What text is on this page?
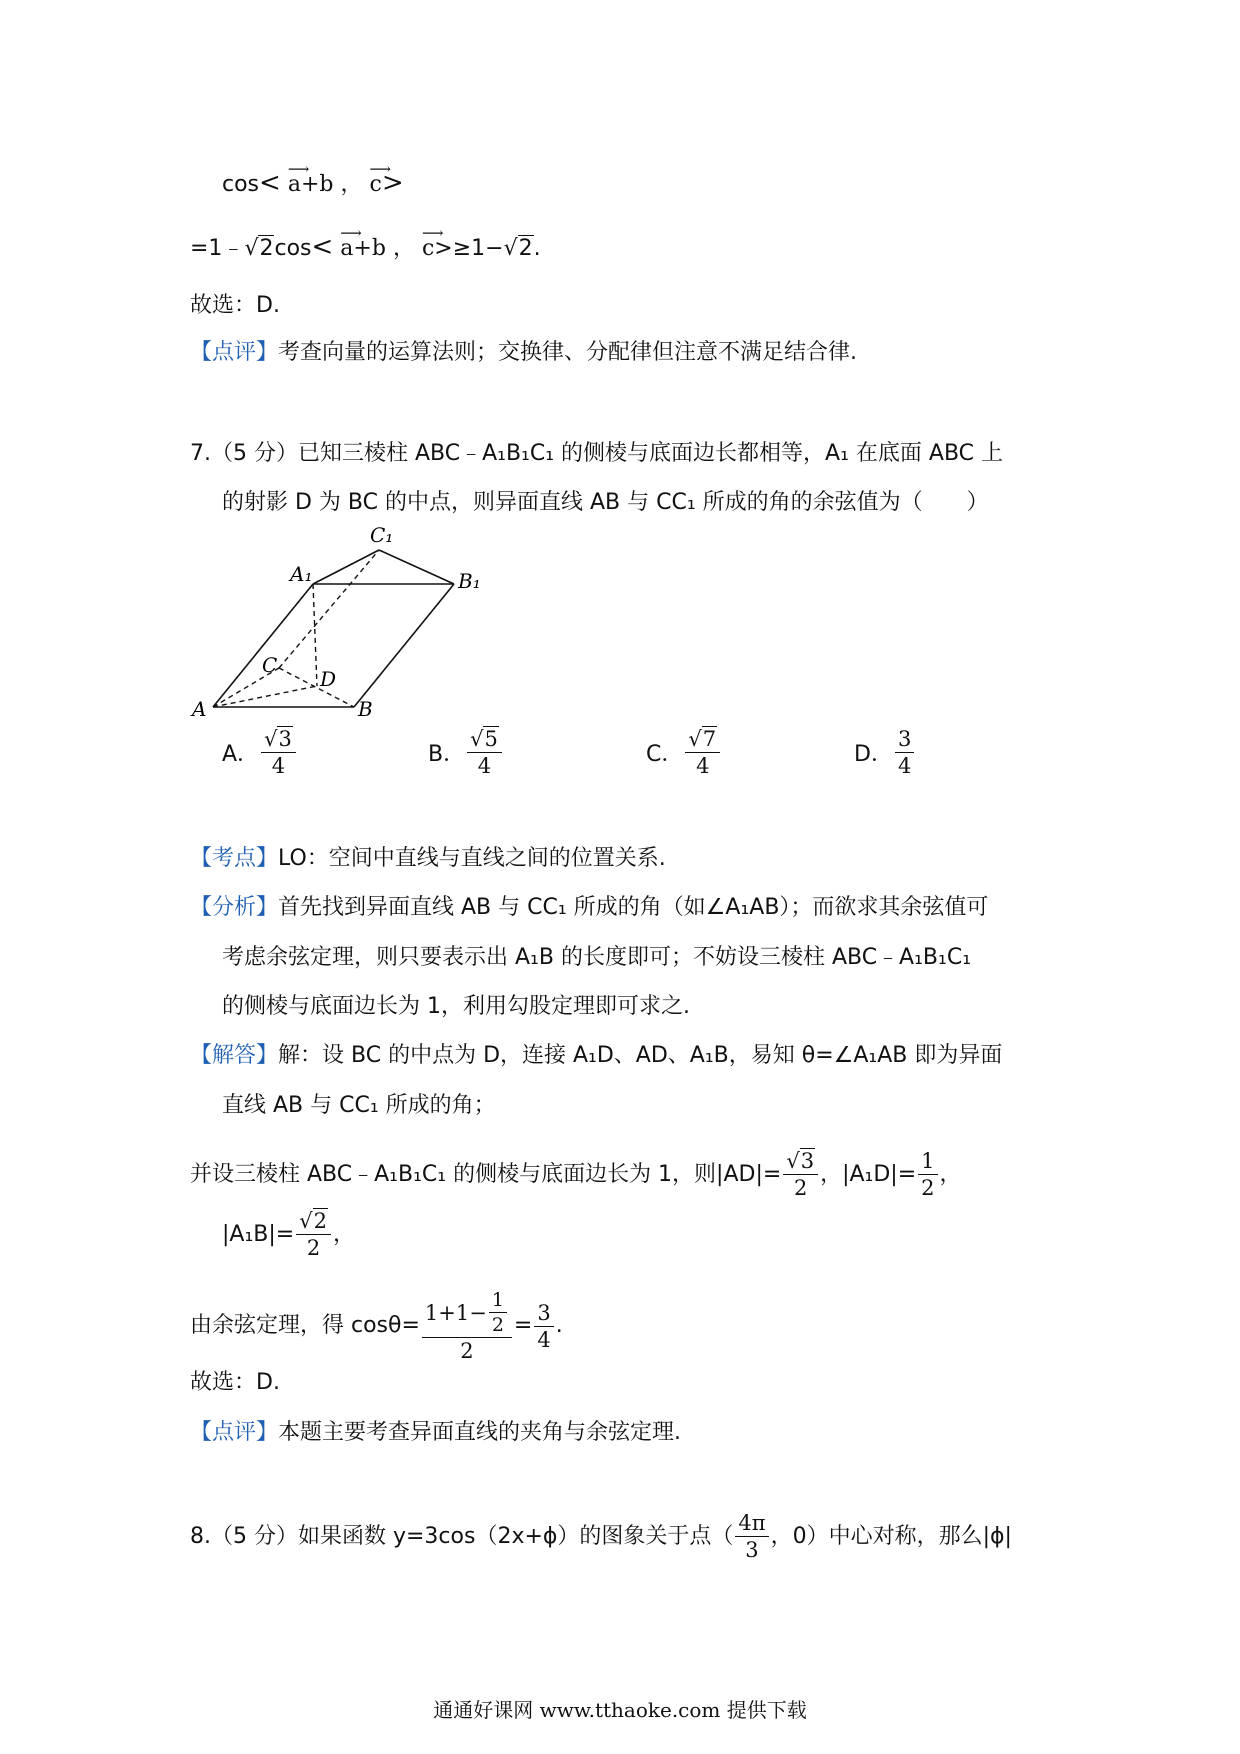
cos< ⟶ a+b ， ⟶ c>
=1﹣√2cos< ⟶ a+b ， ⟶ c>≥1−√2.
故选：D.
【点评】考查向量的运算法则；交换律、分配律但注意不满足结合律.
7.（5 分）已知三棱柱 ABC﹣A₁B₁C₁ 的侧棱与底面边长都相等，A₁ 在底面 ABC 上
的射影 D 为 BC 的中点，则异面直线 AB 与 CC₁ 所成的角的余弦值为（　　）
C₁
A₁	B₁
C
D
A	B
A． $\frac{√3}{4}$	B． $\frac{√5}{4}$	C． $\frac{√7}{4}$	D． $\frac{3}{4}$
【考点】LO：空间中直线与直线之间的位置关系.
【分析】首先找到异面直线 AB 与 CC₁ 所成的角（如∠A₁AB）；而欲求其余弦值可
考虑余弦定理，则只要表示出 A₁B 的长度即可；不妨设三棱柱 ABC﹣A₁B₁C₁
的侧棱与底面边长为 1，利用勾股定理即可求之.
【解答】解：设 BC 的中点为 D，连接 A₁D、AD、A₁B，易知 θ=∠A₁AB 即为异面
直线 AB 与 CC₁ 所成的角；
并设三棱柱 ABC﹣A₁B₁C₁ 的侧棱与底面边长为 1，则$|AD|= \frac{√3}{2}$ ，$|A_1D|= \frac{1}{2}$ ，
$|A_1B|= \frac{√2}{2}$ ，
由余弦定理，得 $\cos\theta= \frac{1+1- \frac{1}{2}}{2} = \frac{3}{4}$ .
故选：D.
【点评】本题主要考查异面直线的夹角与余弦定理.
8.（5 分）如果函数 y=3cos（2x+ϕ）的图象关于点（ $\frac{4\pi}{3}$ ，0）中心对称，那么|ϕ|
通通好课网 www.tthaoke.com 提供下载
